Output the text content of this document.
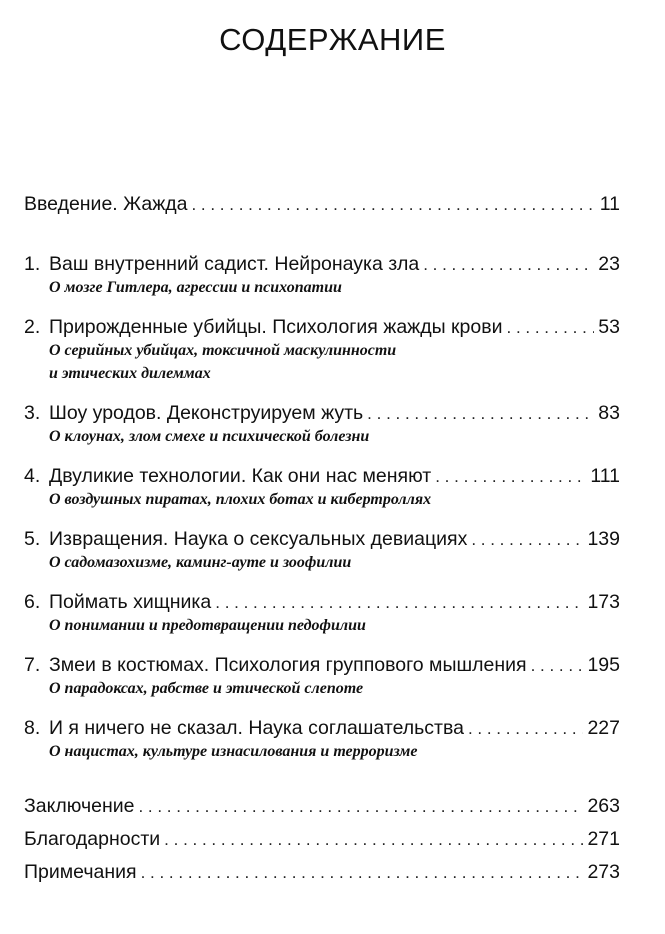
СОДЕРЖАНИЕ
Введение. Жажда . . .	11
1. Ваш внутренний садист. Нейронаука зла . . .	23
О мозге Гитлера, агрессии и психопатии
2. Прирожденные убийцы. Психология жажды крови . . .	53
О серийных убийцах, токсичной маскулинности
и этических дилеммах
3. Шоу уродов. Деконструируем жуть . . .	83
О клоунах, злом смехе и психической болезни
4. Двуликие технологии. Как они нас меняют . . .	111
О воздушных пиратах, плохих ботах и кибертроллях
5. Извращения. Наука о сексуальных девиациях . . .	139
О садомазохизме, каминг-ауте и зоофилии
6. Поймать хищника . . .	173
О понимании и предотвращении педофилии
7. Змеи в костюмах. Психология группового мышления . . .	195
О парадоксах, рабстве и этической слепоте
8. И я ничего не сказал. Наука соглашательства . . .	227
О нацистах, культуре изнасилования и терроризме
Заключение . . .	263
Благодарности . . .	271
Примечания . . .	273
